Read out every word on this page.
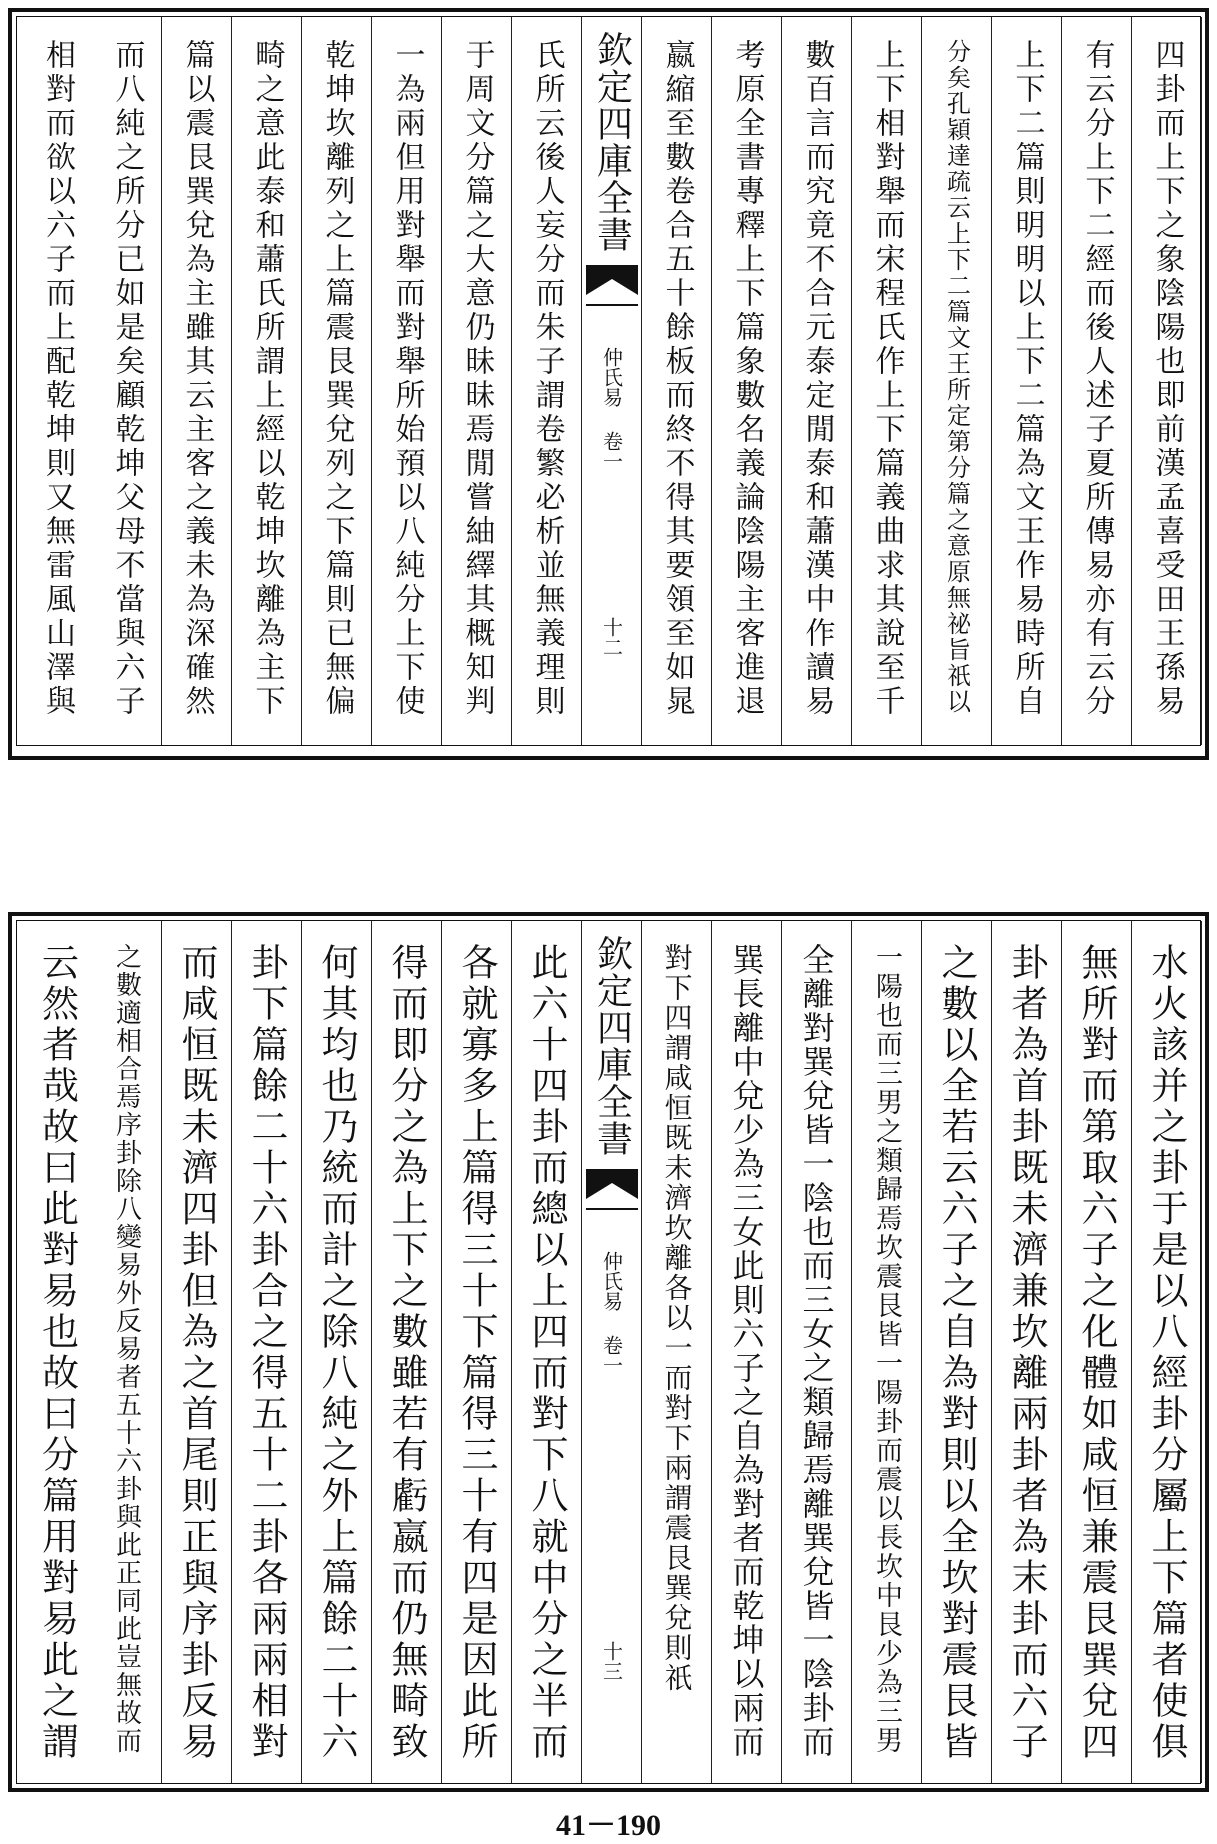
四卦而上下之象陰陽也即前漢孟喜受田王孫易
有云分上下二經而後人述子夏所傳易亦有云分
上下二篇則明明以上下二篇為文王作易時所自
分矣孔穎達疏云上下二篇文王所定第分篇之意原無祕旨祇以
上下相對舉而宋程氏作上下篇義曲求其說至千
數百言而究竟不合元泰定閒泰和蕭漢中作讀易
考原全書專釋上下篇象數名義論陰陽主客進退
嬴縮至數卷合五十餘板而終不得其要領至如晁
欽定四庫全書
仲氏易 卷一
十二
氏所云後人妄分而朱子謂卷繁必析並無義理則
于周文分篇之大意仍昧昧焉閒嘗紬繹其概知判
一為兩但用對舉而對舉所始預以八純分上下使
乾坤坎離列之上篇震艮巽兌列之下篇則已無偏
畸之意此泰和蕭氏所謂上經以乾坤坎離為主下
篇以震艮巽兌為主雖其云主客之義未為深確然
而八純之所分已如是矣顧乾坤父母不當與六子
相對而欲以六子而上配乾坤則又無雷風山澤與
水火該并之卦于是以八經卦分屬上下篇者使俱
無所對而第取六子之化體如咸恒兼震艮巽兌四
卦者為首卦既未濟兼坎離兩卦者為末卦而六子
之數以全若云六子之自為對則以全坎對震艮皆
一陽也而三男之類歸焉坎震艮皆一陽卦而震以長坎中艮少為三男
全離對巽兌皆一陰也而三女之類歸焉離巽兌皆一陰卦而
巽長離中兌少為三女此則六子之自為對者而乾坤以兩而
對下四謂咸恒既未濟坎離各以一而對下兩謂震艮巽兌則祇
欽定四庫全書
仲氏易 卷一
十三
此六十四卦而總以上四而對下八就中分之半而
各就寡多上篇得三十下篇得三十有四是因此所
得而即分之為上下之數雖若有虧嬴而仍無畸致
何其均也乃統而計之除八純之外上篇餘二十六
卦下篇餘二十六卦合之得五十二卦各兩兩相對
而咸恒既未濟四卦但為之首尾則正與序卦反易
之數適相合焉序卦除八變易外反易者五十六卦與此正同此豈無故而
云然者哉故曰此對易也故曰分篇用對易此之謂
41－190
